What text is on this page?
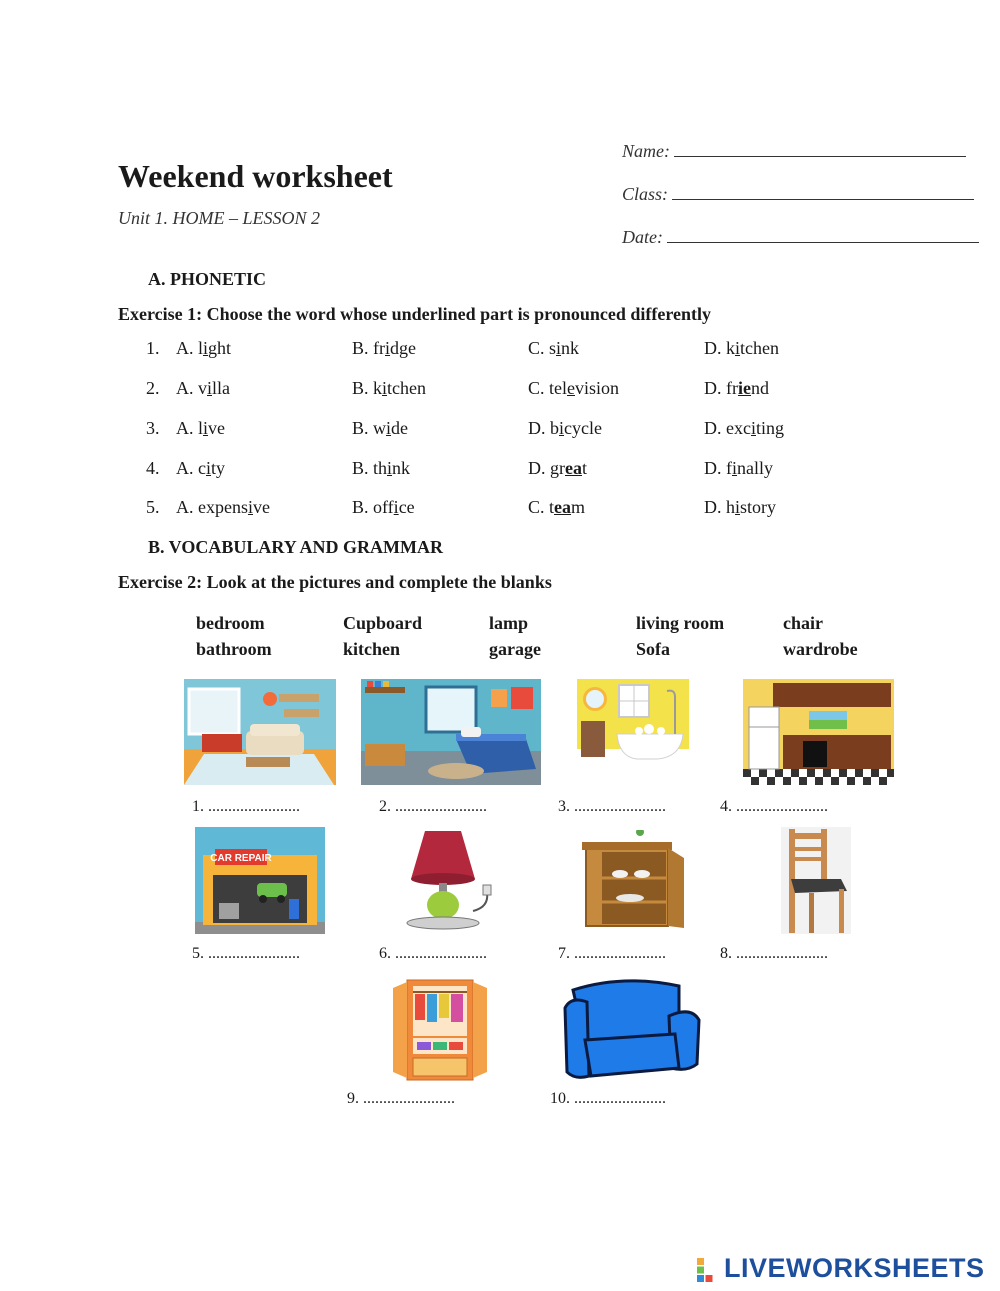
Weekend worksheet
Unit 1. HOME – LESSON 2
Name:
Class:
Date:
A. PHONETIC
Exercise 1: Choose the word whose underlined part is pronounced differently
1. A. light	B. fridge	C. sink	D. kitchen
2. A. villa	B. kitchen	C. television	D. friend
3. A. live	B. wide	D. bicycle	D. exciting
4. A. city	B. think	D. great	D. finally
5. A. expensive	B. office	C. team	D. history
B. VOCABULARY AND GRAMMAR
Exercise 2: Look at the pictures and complete the blanks
bedroom	Cupboard	lamp	living room	chair
bathroom	kitchen	garage	Sofa	wardrobe
CAR REPAIR
1. .......................	2. .......................	3. .......................	4. .......................
5. .......................	6. .......................	7. .......................	8. .......................
9. .......................	10. .......................
LIVEWORKSHEETS
